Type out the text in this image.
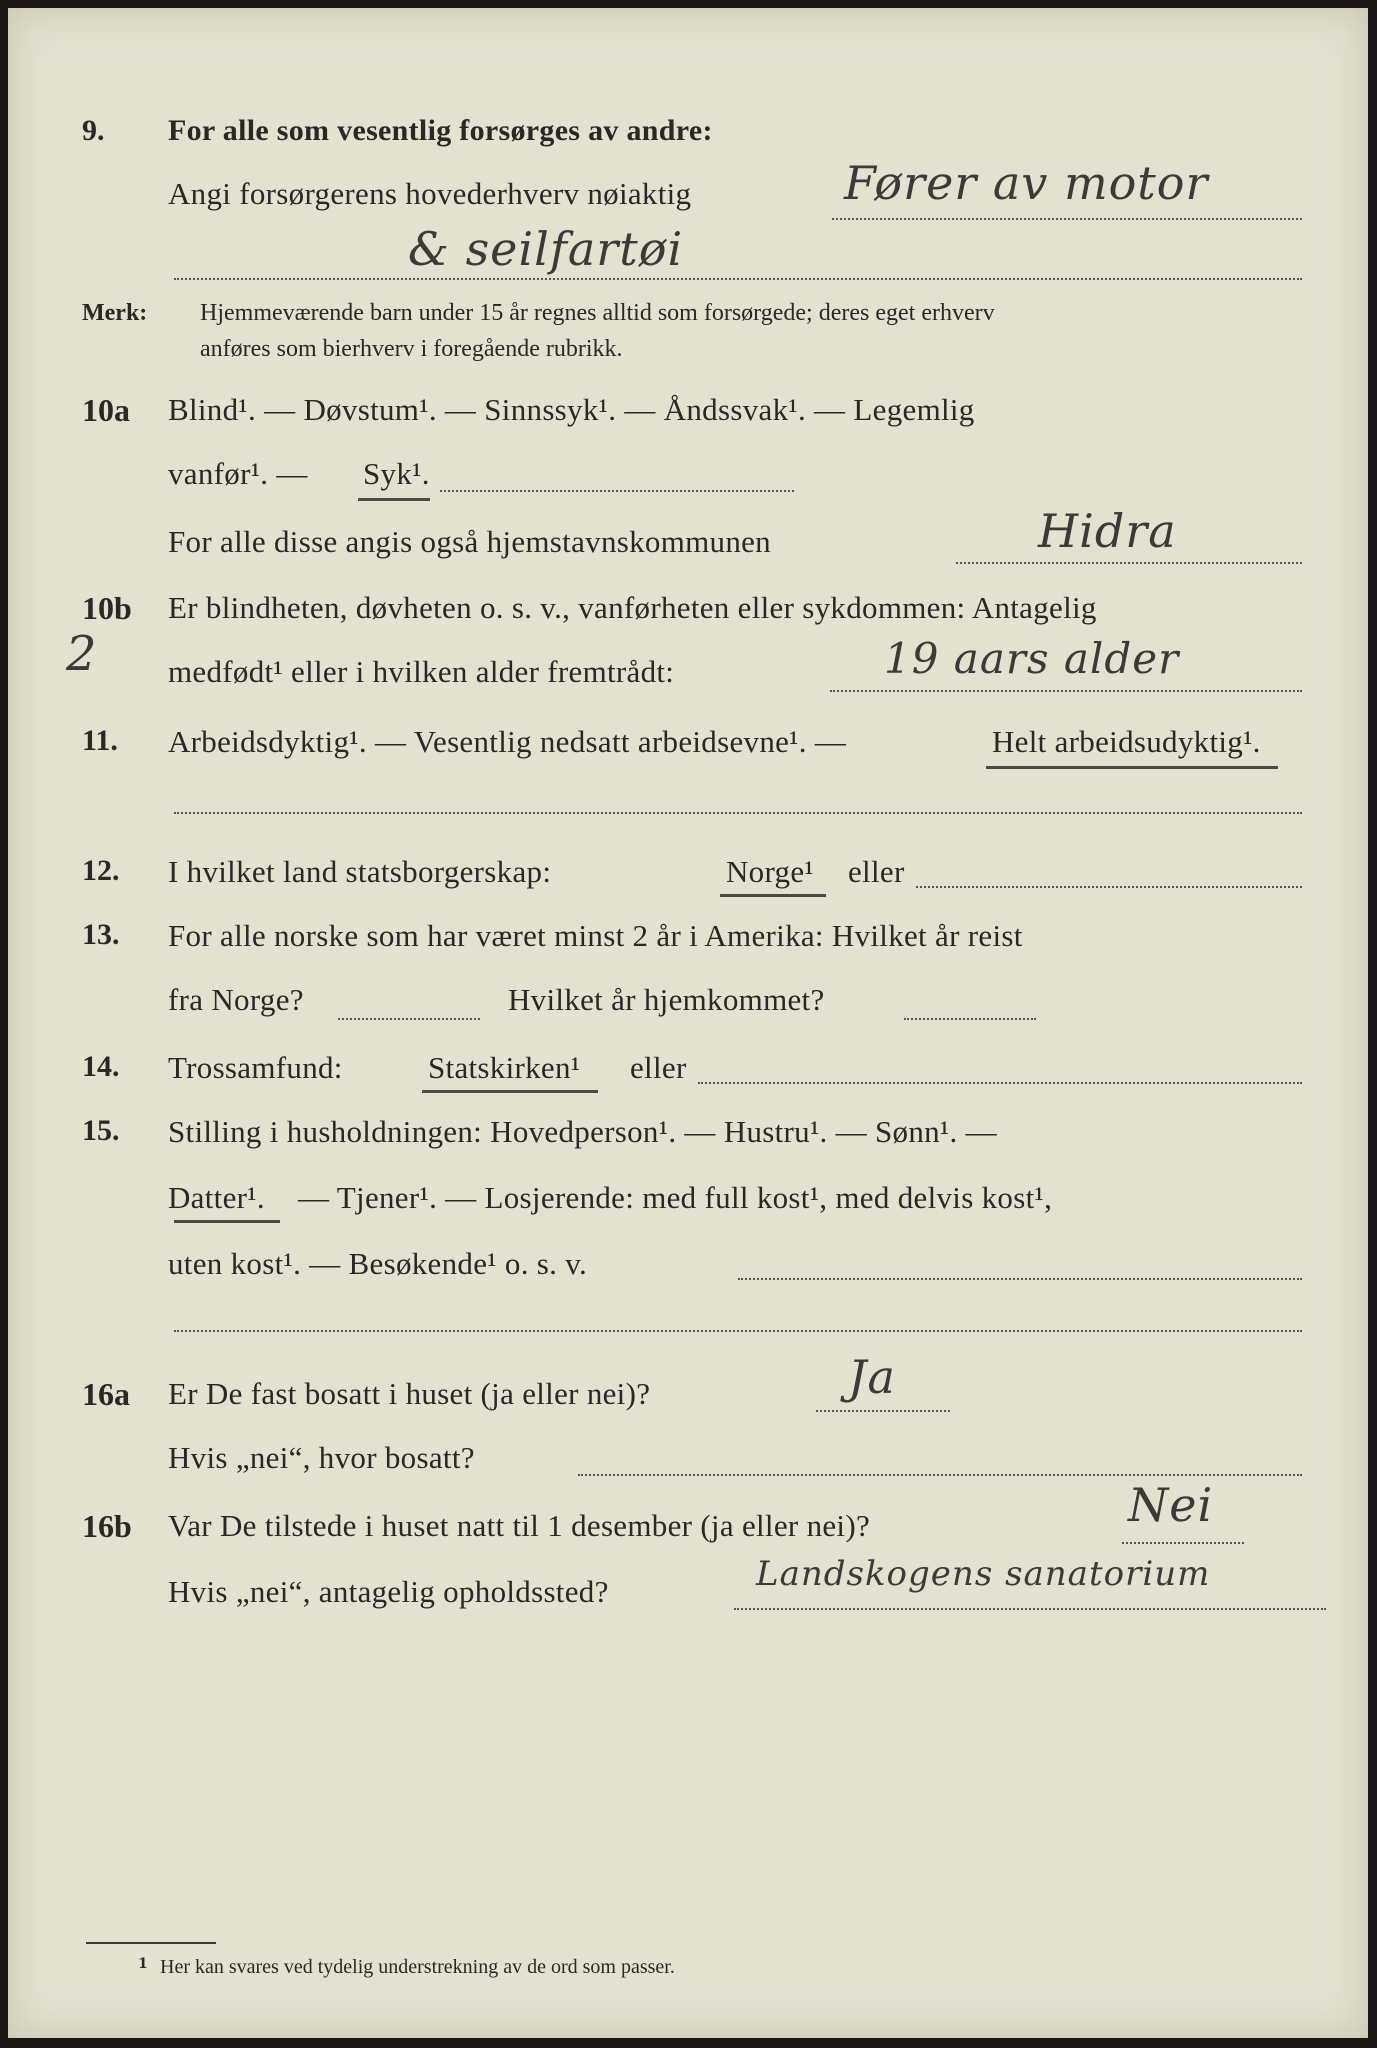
9. For alle som vesentlig forsørges av andre:
Angi forsørgerens hovederhverv nøiaktig	Fører av motor
& seilfartøi
Merk: Hjemmeværende barn under 15 år regnes alltid som forsørgede; deres eget erhverv
anføres som bierhverv i foregående rubrikk.
10a Blind¹. — Døvstum¹. — Sinnssyk¹. — Åndssvak¹. — Legemlig
vanfør¹. — Syk¹.
For alle disse angis også hjemstavnskommunen	Hidra
10b
2
Er blindheten, døvheten o. s. v., vanførheten eller sykdommen: Antagelig
medfødt¹ eller i hvilken alder fremtrådt:	19 aars alder
11. Arbeidsdyktig¹. — Vesentlig nedsatt arbeidsevne¹. —	Helt arbeidsudyktig¹.
12. I hvilket land statsborgerskap:	Norge¹ eller
13. For alle norske som har været minst 2 år i Amerika: Hvilket år reist
fra Norge?	Hvilket år hjemkommet?
14. Trossamfund:	Statskirken¹ eller
15. Stilling i husholdningen: Hovedperson¹. — Hustru¹. — Sønn¹. —
Datter¹. — Tjener¹. — Losjerende: med full kost¹, med delvis kost¹,
uten kost¹. — Besøkende¹ o. s. v.
16a Er De fast bosatt i huset (ja eller nei)?	Ja
Hvis „nei“, hvor bosatt?
16b Var De tilstede i huset natt til 1 desember (ja eller nei)?	Nei
Hvis „nei“, antagelig opholdssted?	Landskogens sanatorium
1 Her kan svares ved tydelig understrekning av de ord som passer.
